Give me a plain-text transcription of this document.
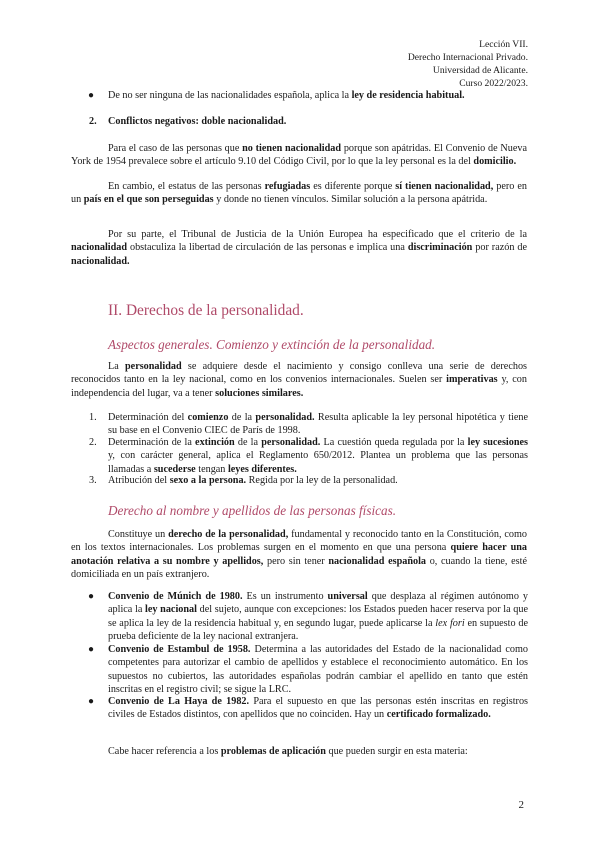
Lección VII.
Derecho Internacional Privado.
Universidad de Alicante.
Curso 2022/2023.
● De no ser ninguna de las nacionalidades española, aplica la ley de residencia habitual.
2. Conflictos negativos: doble nacionalidad.
Para el caso de las personas que no tienen nacionalidad porque son apátridas. El Convenio de Nueva York de 1954 prevalece sobre el artículo 9.10 del Código Civil, por lo que la ley personal es la del domicilio.
En cambio, el estatus de las personas refugiadas es diferente porque sí tienen nacionalidad, pero en un país en el que son perseguidas y donde no tienen vínculos. Similar solución a la persona apátrida.
Por su parte, el Tribunal de Justicia de la Unión Europea ha especificado que el criterio de la nacionalidad obstaculiza la libertad de circulación de las personas e implica una discriminación por razón de nacionalidad.
II. Derechos de la personalidad.
Aspectos generales. Comienzo y extinción de la personalidad.
La personalidad se adquiere desde el nacimiento y consigo conlleva una serie de derechos reconocidos tanto en la ley nacional, como en los convenios internacionales. Suelen ser imperativas y, con independencia del lugar, va a tener soluciones similares.
1. Determinación del comienzo de la personalidad. Resulta aplicable la ley personal hipotética y tiene su base en el Convenio CIEC de París de 1998.
2. Determinación de la extinción de la personalidad. La cuestión queda regulada por la ley sucesiones y, con carácter general, aplica el Reglamento 650/2012. Plantea un problema que las personas llamadas a sucederse tengan leyes diferentes.
3. Atribución del sexo a la persona. Regida por la ley de la personalidad.
Derecho al nombre y apellidos de las personas físicas.
Constituye un derecho de la personalidad, fundamental y reconocido tanto en la Constitución, como en los textos internacionales. Los problemas surgen en el momento en que una persona quiere hacer una anotación relativa a su nombre y apellidos, pero sin tener nacionalidad española o, cuando la tiene, esté domiciliada en un país extranjero.
● Convenio de Múnich de 1980. Es un instrumento universal que desplaza al régimen autónomo y aplica la ley nacional del sujeto, aunque con excepciones: los Estados pueden hacer reserva por la que se aplica la ley de la residencia habitual y, en segundo lugar, puede aplicarse la lex fori en supuesto de prueba deficiente de la ley nacional extranjera.
● Convenio de Estambul de 1958. Determina a las autoridades del Estado de la nacionalidad como competentes para autorizar el cambio de apellidos y establece el reconocimiento automático. En los supuestos no cubiertos, las autoridades españolas podrán cambiar el apellido en tanto que estén inscritas en el registro civil; se sigue la LRC.
● Convenio de La Haya de 1982. Para el supuesto en que las personas estén inscritas en registros civiles de Estados distintos, con apellidos que no coinciden. Hay un certificado formalizado.
Cabe hacer referencia a los problemas de aplicación que pueden surgir en esta materia:
2
